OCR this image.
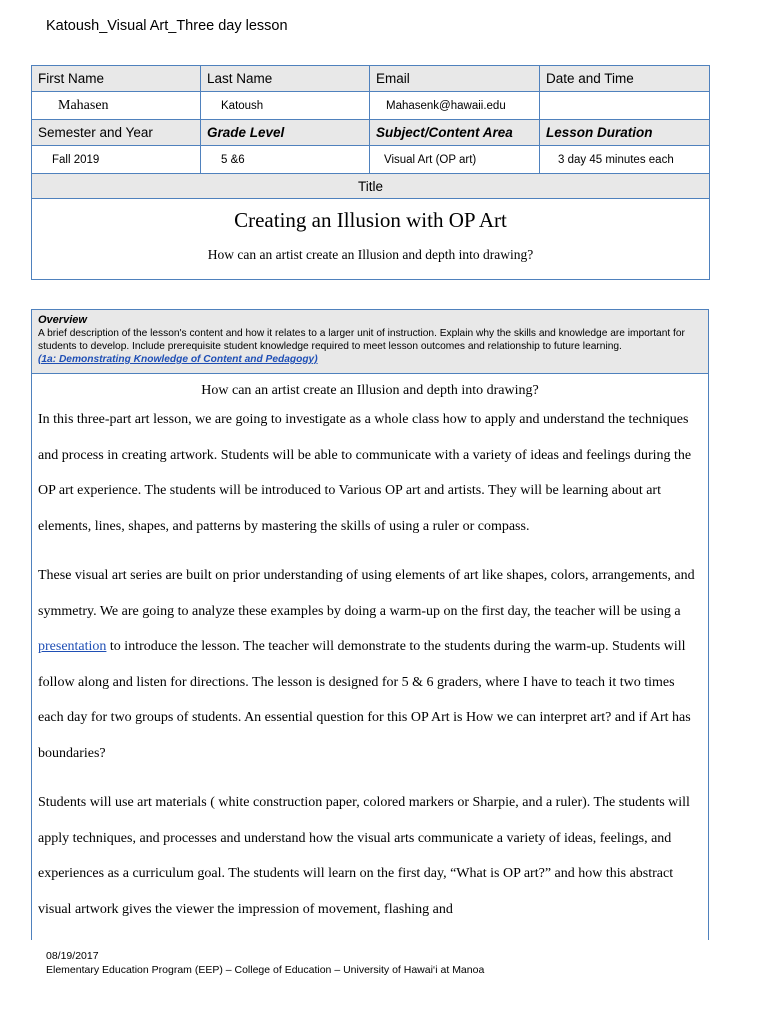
Katoush_Visual Art_Three day lesson
First Name	Last Name	Email	Date and Time
Mahasen	Katoush	Mahasenk@hawaii.edu	
Semester and Year	Grade Level	Subject/Content Area	Lesson Duration
Fall 2019	5 &6	Visual Art (OP art)	3 day 45 minutes each
Title			

Creating an Illusion with OP Art
How can an artist create an Illusion and depth into drawing?			
Overview
A brief description of the lesson's content and how it relates to a larger unit of instruction. Explain why the skills and knowledge are important for students to develop. Include prerequisite student knowledge required to meet lesson outcomes and relationship to future learning.
(1a: Demonstrating Knowledge of Content and Pedagogy)
How can an artist create an Illusion and depth into drawing?

In this three-part art lesson, we are going to investigate as a whole class how to apply and understand the techniques and process in creating artwork. Students will be able to communicate with a variety of ideas and feelings during the OP art experience. The students will be introduced to Various OP art and artists. They will be learning about art elements, lines, shapes, and patterns by mastering the skills of using a ruler or compass.

These visual art series are built on prior understanding of using elements of art like shapes, colors, arrangements, and symmetry. We are going to analyze these examples by doing a warm-up on the first day, the teacher will be using a presentation to introduce the lesson. The teacher will demonstrate to the students during the warm-up. Students will follow along and listen for directions. The lesson is designed for 5 & 6 graders, where I have to teach it two times each day for two groups of students. An essential question for this OP Art is How we can interpret art? and if Art has boundaries?

Students will use art materials ( white construction paper, colored markers or Sharpie, and a ruler). The students will apply techniques, and processes and understand how the visual arts communicate a variety of ideas, feelings, and experiences as a curriculum goal. The students will learn on the first day, “What is OP art?” and how this abstract visual artwork gives the viewer the impression of movement, flashing and

08/19/2017
Elementary Education Program (EEP) – College of Education – University of Hawai‘i at Manoa
